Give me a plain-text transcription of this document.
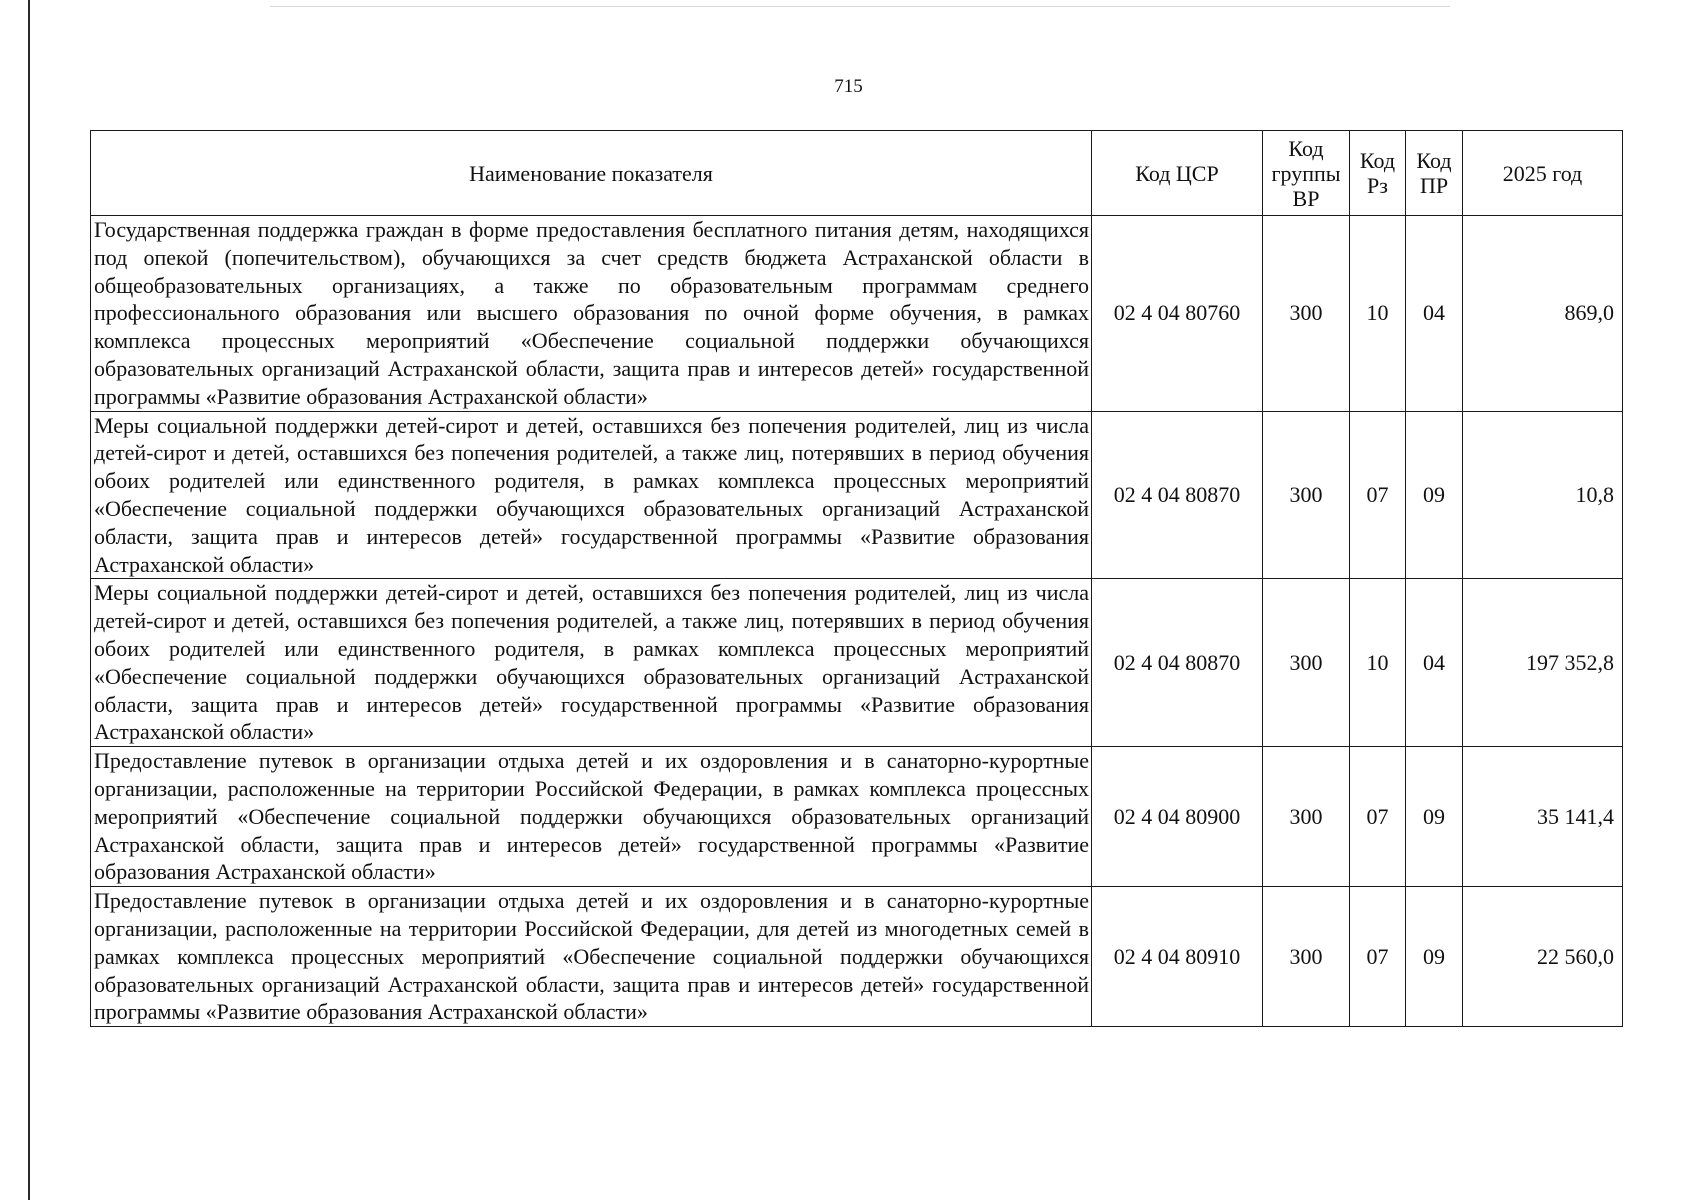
715
Наименование показателя	Код ЦСР	Код группы ВР	Код Рз	Код ПР	2025 год
Государственная поддержка граждан в форме предоставления бесплатного питания детям, находящихся под опекой (попечительством), обучающихся за счет средств бюджета Астраханской области в общеобразовательных организациях, а также по образовательным программам среднего профессионального образования или высшего образования по очной форме обучения, в рамках комплекса процессных мероприятий «Обеспечение социальной поддержки обучающихся образовательных организаций Астраханской области, защита прав и интересов детей» государственной программы «Развитие образования Астраханской области»	02 4 04 80760	300	10	04	869,0
Меры социальной поддержки детей-сирот и детей, оставшихся без попечения родителей, лиц из числа детей-сирот и детей, оставшихся без попечения родителей, а также лиц, потерявших в период обучения обоих родителей или единственного родителя, в рамках комплекса процессных мероприятий «Обеспечение социальной поддержки обучающихся образовательных организаций Астраханской области, защита прав и интересов детей» государственной программы «Развитие образования Астраханской области»	02 4 04 80870	300	07	09	10,8
Меры социальной поддержки детей-сирот и детей, оставшихся без попечения родителей, лиц из числа детей-сирот и детей, оставшихся без попечения родителей, а также лиц, потерявших в период обучения обоих родителей или единственного родителя, в рамках комплекса процессных мероприятий «Обеспечение социальной поддержки обучающихся образовательных организаций Астраханской области, защита прав и интересов детей» государственной программы «Развитие образования Астраханской области»	02 4 04 80870	300	10	04	197 352,8
Предоставление путевок в организации отдыха детей и их оздоровления и в санаторно-курортные организации, расположенные на территории Российской Федерации, в рамках комплекса процессных мероприятий «Обеспечение социальной поддержки обучающихся образовательных организаций Астраханской области, защита прав и интересов детей» государственной программы «Развитие образования Астраханской области»	02 4 04 80900	300	07	09	35 141,4
Предоставление путевок в организации отдыха детей и их оздоровления и в санаторно-курортные организации, расположенные на территории Российской Федерации, для детей из многодетных семей в рамках комплекса процессных мероприятий «Обеспечение социальной поддержки обучающихся образовательных организаций Астраханской области, защита прав и интересов детей» государственной программы «Развитие образования Астраханской области»	02 4 04 80910	300	07	09	22 560,0
